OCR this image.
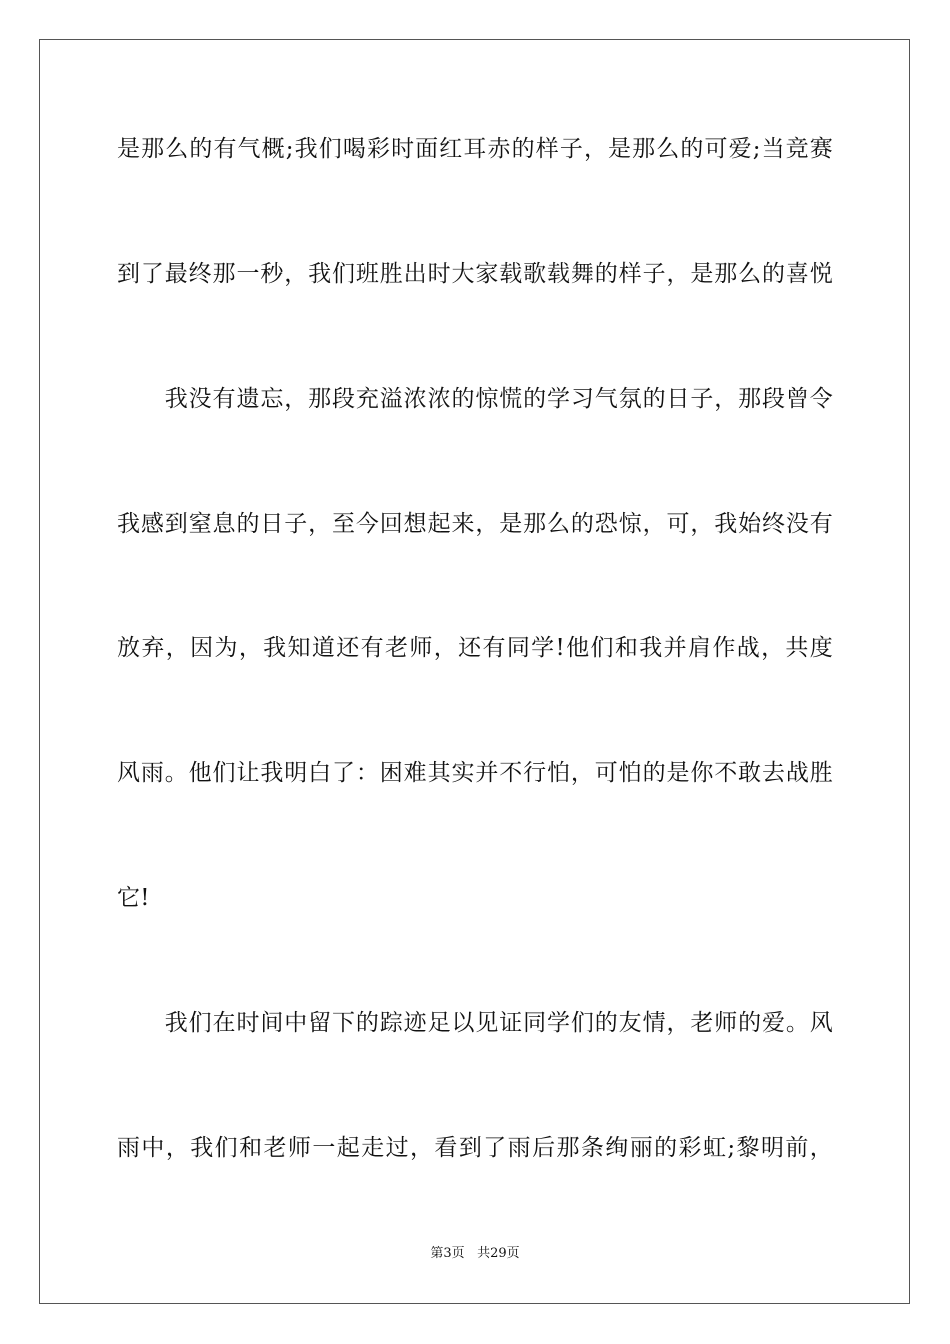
是那么的有气概;我们喝彩时面红耳赤的样子，是那么的可爱;当竞赛
到了最终那一秒，我们班胜出时大家载歌载舞的样子，是那么的喜悦
　　我没有遗忘，那段充溢浓浓的惊慌的学习气氛的日子，那段曾令
我感到窒息的日子，至今回想起来，是那么的恐惊，可，我始终没有
放弃，因为，我知道还有老师，还有同学!他们和我并肩作战，共度
风雨。他们让我明白了：困难其实并不行怕，可怕的是你不敢去战胜
它!
　　我们在时间中留下的踪迹足以见证同学们的友情，老师的爱。风
雨中，我们和老师一起走过，看到了雨后那条绚丽的彩虹;黎明前，
第3页 共29页
